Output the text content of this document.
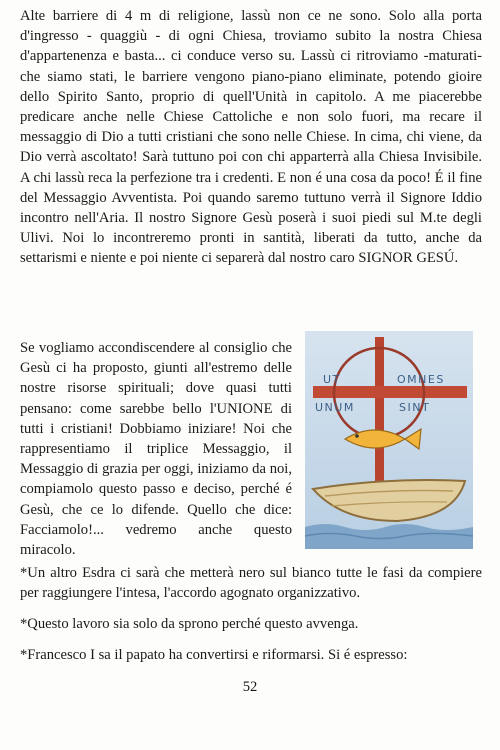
Alte barriere di 4 m di religione, lassù non ce ne sono. Solo alla porta d'ingresso - quaggiù - di ogni Chiesa, troviamo subito la nostra Chiesa d'appartenenza e basta... ci conduce verso su. Lassù ci ritroviamo -maturati- che siamo stati, le barriere vengono piano-piano eliminate, potendo gioire dello Spirito Santo, proprio di quell'Unità in capitolo. A me piacerebbe predicare anche nelle Chiese Cattoliche e non solo fuori, ma recare il messaggio di Dio a tutti cristiani che sono nelle Chiese. In cima, chi viene, da Dio verrà ascoltato! Sarà tuttuno poi con chi apparterrà alla Chiesa Invisibile. A chi lassù reca la perfezione tra i credenti. E non é una cosa da poco! É il fine del Messaggio Avventista. Poi quando saremo tuttuno verrà il Signore Iddio incontro nell'Aria. Il nostro Signore Gesù poserà i suoi piedi sul M.te degli Ulivi. Noi lo incontreremo pronti in santità, liberati da tutto, anche da settarismi e niente e poi niente ci separerà dal nostro caro SIGNOR GESÚ.

Se vogliamo accondiscendere al consiglio che Gesù ci ha proposto, giunti all'estremo delle nostre risorse spirituali; dove quasi tutti pensano: come sarebbe bello l'UNIONE di tutti i cristiani! Dobbiamo iniziare! Noi che rappresentiamo il triplice Messaggio, il Messaggio di grazia per oggi, iniziamo da noi, compiamolo questo passo e deciso, perché é Gesù, che ce lo difende. Quello che dice: Facciamolo!... vedremo anche questo miracolo.

UT
UNUM
OMNES
SINT

*Un altro Esdra ci sarà che metterà nero sul bianco tutte le fasi da compiere per raggiungere l'intesa, l'accordo agognato organizzativo.

*Questo lavoro sia solo da sprono perché questo avvenga.

*Francesco I sa il papato ha convertirsi e riformarsi. Si é espresso:

52
